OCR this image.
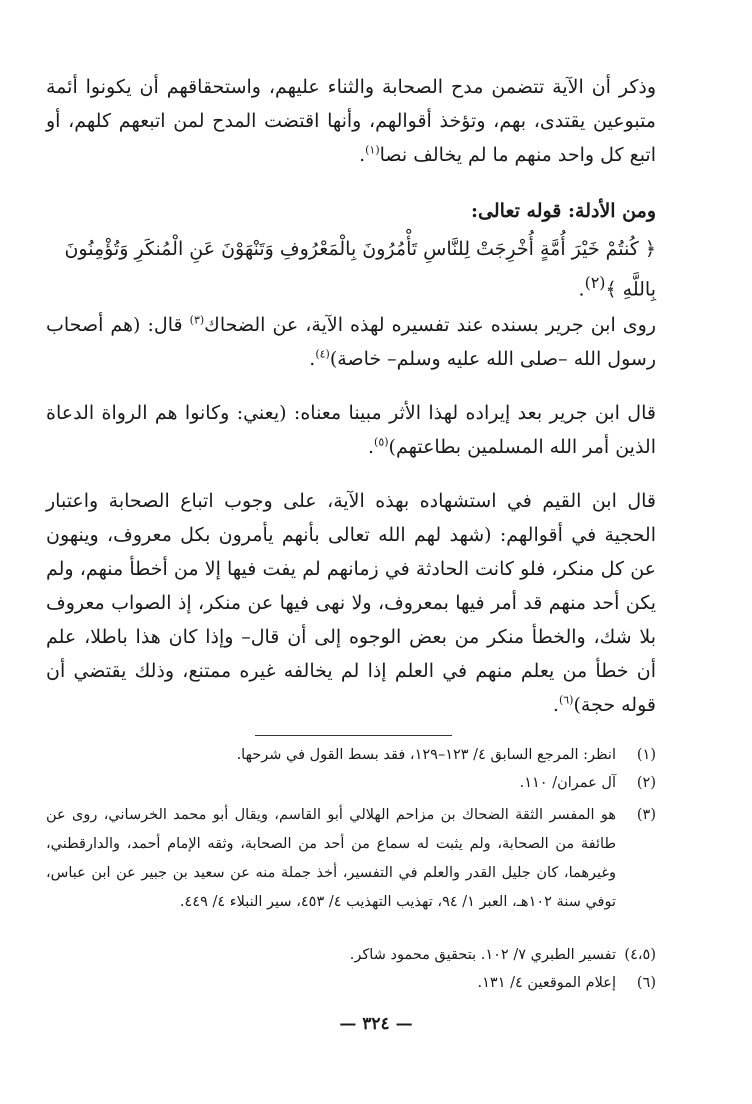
وذكر أن الآية تتضمن مدح الصحابة والثناء عليهم، واستحقاقهم أن يكونوا أئمة متبوعين يقتدى، بهم، وتؤخذ أقوالهم، وأنها اقتضت المدح لمن اتبعهم كلهم، أو اتبع كل واحد منهم ما لم يخالف نصا$^{(١)}$.

ومن الأدلة: قوله تعالى:
﴿ كُنتُمْ خَيْرَ أُمَّةٍ أُخْرِجَتْ لِلنَّاسِ تَأْمُرُونَ بِالْمَعْرُوفِ وَتَنْهَوْنَ عَنِ الْمُنكَرِ وَتُؤْمِنُونَ بِاللَّهِ ﴾$^{(٢)}$.

روى ابن جرير بسنده عند تفسيره لهذه الآية، عن الضحاك$^{(٣)}$ قال: (هم أصحاب رسول الله –صلى الله عليه وسلم– خاصة)$^{(٤)}$.

قال ابن جرير بعد إيراده لهذا الأثر مبينا معناه: (يعني: وكانوا هم الرواة الدعاة الذين أمر الله المسلمين بطاعتهم)$^{(٥)}$.

قال ابن القيم في استشهاده بهذه الآية، على وجوب اتباع الصحابة واعتبار الحجية في أقوالهم: (شهد لهم الله تعالى بأنهم يأمرون بكل معروف، وينهون عن كل منكر، فلو كانت الحادثة في زمانهم لم يفت فيها إلا من أخطأ منهم، ولم يكن أحد منهم قد أمر فيها بمعروف، ولا نهى فيها عن منكر، إذ الصواب معروف بلا شك، والخطأ منكر من بعض الوجوه إلى أن قال– وإذا كان هذا باطلا، علم أن خطأ من يعلم منهم في العلم إذا لم يخالفه غيره ممتنع، وذلك يقتضي أن قوله حجة)$^{(٦)}$.

(١)انظر: المرجع السابق ٤/ ١٢٣–١٢٩، فقد بسط القول في شرحها.
(٢)آل عمران/ ١١٠.
(٣)
هو المفسر الثقة الضحاك بن مزاحم الهلالي أبو القاسم، ويقال أبو محمد الخرساني، روى عن طائفة من الصحابة، ولم يثبت له سماع من أحد من الصحابة، وثقه الإمام أحمد، والدارقطني، وغيرهما، كان جليل القدر والعلم في التفسير، أخذ جملة منه عن سعيد بن جبير عن ابن عباس، توفي سنة ١٠٢هـ، العبر ١/ ٩٤، تهذيب التهذيب ٤/ ٤٥٣، سير النبلاء ٤/ ٤٤٩.
(٤،٥)تفسير الطبري ٧/ ١٠٢. بتحقيق محمود شاكر.
(٦)إعلام الموقعين ٤/ ١٣١.
— ٣٢٤ —
